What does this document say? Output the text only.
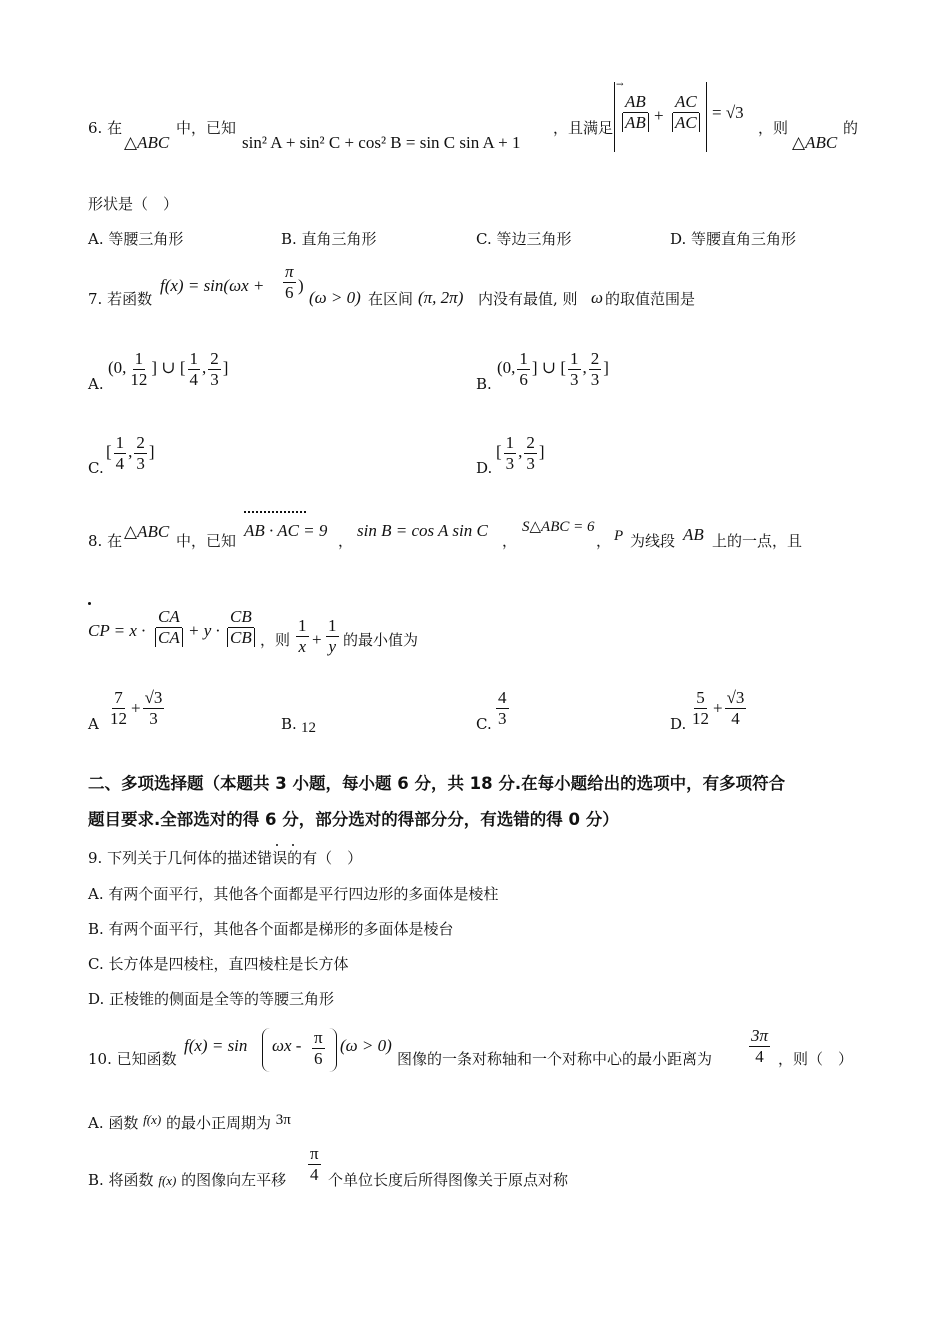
6. 在
△ABC
中，已知
sin² A + sin² C + cos² B = sin C sin A + 1
，且满足
→
$\frac{AB}{AB} + \frac{AC}{AC} = √3$
，则
△ABC
的
形状是（　）
A. 等腰三角形	B. 直角三角形	C. 等边三角形	D. 等腰直角三角形
7. 若函数
$f(x) = \sin(\omega x + \frac{\pi}{6}$ )
(ω > 0) 在区间 (π, 2π) 内没有最值, 则 ω 的取值范围是
A.
(0, $\frac{1}{12}$ ] ∪ [ $\frac{1}{4}$ , $\frac{2}{3}$ ]
B.
(0, $\frac{1}{6}$ ] ∪ [ $\frac{1}{3}$ , $\frac{2}{3}$ ]
C.
[ $\frac{1}{4}$ , $\frac{2}{3}$ ]
D.
[ $\frac{1}{3}$ , $\frac{2}{3}$ ]
8. 在 △ABC 中，已知
AB · AC = 9
，
sin B = cos A sin C
，
S△ABC = 6
， P 为线段 AB 上的一点，且
CP = $x \cdot \frac{CA}{CA} + y \cdot \frac{CB}{CB}$ ，则 $\frac{1}{x} + \frac{1}{y}$ 的最小值为
A $\frac{7}{12} + \frac{√3}{3}$	B. 12	C. $\frac{4}{3}$	D. $\frac{5}{12} + \frac{√3}{4}$
二、多项选择题（本题共 3 小题，每小题 6 分，共 18 分.在每小题给出的选项中，有多项符合
题目要求.全部选对的得 6 分，部分选对的得部分分，有选错的得 0 分）
9. 下列关于几何体的描述错误的有（　）
A. 有两个面平行，其他各个面都是平行四边形的多面体是棱柱
B. 有两个面平行，其他各个面都是梯形的多面体是棱台
C. 长方体是四棱柱，直四棱柱是长方体
D. 正棱锥的侧面是全等的等腰三角形
10. 已知函数
$f(x) = \sin \omega x - \frac{\pi}{6} (\omega > 0)$
图像的一条对称轴和一个对称中心的最小距离为 $\frac{3\pi}{4}$ ，则（　）
A. 函数 f(x) 的最小正周期为 3π
B. 将函数 f(x) 的图像向左平移 $\frac{\pi}{4}$ 个单位长度后所得图像关于原点对称
